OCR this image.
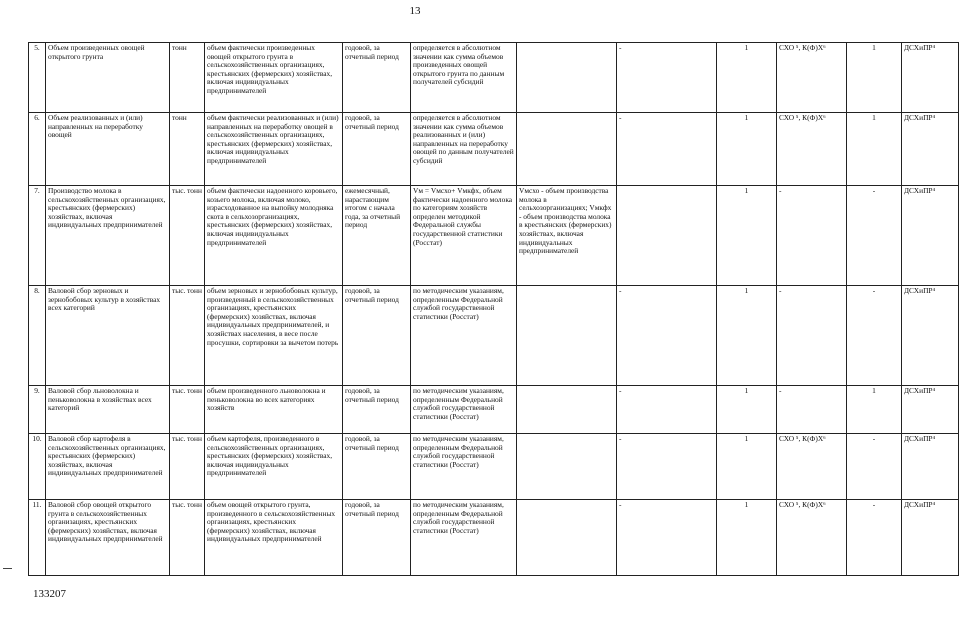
13
5.	Объем произведенных овощей открытого грунта	тонн	объем фактически произведенных овощей открытого грунта в сельскохозяйственных организациях, крестьянских (фермерских) хозяйствах, включая индивидуальных предпринимателей	годовой, за отчетный период	определяется в абсолютном значении как сумма объемов произведенных овощей открытого грунта по данным получателей субсидий		-	1	СХО ⁵, К(Ф)Х⁶	1	ДСХиПР⁴
6.	Объем реализованных и (или) направленных на переработку овощей	тонн	объем фактически реализованных и (или) направленных на переработку овощей в сельскохозяйственных организациях, крестьянских (фермерских) хозяйствах, включая индивидуальных предпринимателей	годовой, за отчетный период	определяется в абсолютном значении как сумма объемов реализованных и (или) направленных на переработку овощей по данным получателей субсидий		-	1	СХО ⁵, К(Ф)Х⁶	1	ДСХиПР⁴
7.	Производство молока в сельскохозяйственных организациях, крестьянских (фермерских) хозяйствах, включая индивидуальных предпринимателей	тыс. тонн	объем фактически надоенного коровьего, козьего молока, включая молоко, израсходованное на выпойку молодняка скота в сельхозорганизациях, крестьянских (фермерских) хозяйствах, включая индивидуальных предпринимателей	ежемесячный, нарастающим итогом с начала года, за отчетный период	Vм = Vмсхо+ Vмкфх, объем фактически надоенного молока по категориям хозяйств определен методикой Федеральной службы государственной статистики (Росстат)	Vмсхо - объем производства молока в сельхозорганизациях; Vмкфх - объем производства молока в крестьянских (фермерских) хозяйствах, включая индивидуальных предпринимателей		1	-	-	ДСХиПР⁴
8.	Валовой сбор зерновых и зернобобовых культур в хозяйствах всех категорий	тыс. тонн	объем зерновых и зернобобовых культур, произведенный в сельскохозяйственных организациях, крестьянских (фермерских) хозяйствах, включая индивидуальных предпринимателей, и хозяйствах населения, в весе после просушки, сортировки за вычетом потерь	годовой, за отчетный период	по методическим указаниям, определенным Федеральной службой государственной статистики (Росстат)		-	1	-	-	ДСХиПР⁴
9.	Валовой сбор льноволокна и пеньковолокна в хозяйствах всех категорий	тыс. тонн	объем произведенного льноволокна и пеньковолокна во всех категориях хозяйств	годовой, за отчетный период	по методическим указаниям, определенным Федеральной службой государственной статистики (Росстат)		-	1	-	1	ДСХиПР⁴
10.	Валовой сбор картофеля в сельскохозяйственных организациях, крестьянских (фермерских) хозяйствах, включая индивидуальных предпринимателей	тыс. тонн	объем картофеля, произведенного в сельскохозяйственных организациях, крестьянских (фермерских) хозяйствах, включая индивидуальных предпринимателей	годовой, за отчетный период	по методическим указаниям, определенным Федеральной службой государственной статистики (Росстат)		-	1	СХО ⁵, К(Ф)Х⁶	-	ДСХиПР⁴
11.	Валовой сбор овощей открытого грунта в сельскохозяйственных организациях, крестьянских (фермерских) хозяйствах, включая индивидуальных предпринимателей	тыс. тонн	объем овощей открытого грунта, произведенного в сельскохозяйственных организациях, крестьянских (фермерских) хозяйствах, включая индивидуальных предпринимателей	годовой, за отчетный период	по методическим указаниям, определенным Федеральной службой государственной статистики (Росстат)		-	1	СХО ⁵, К(Ф)Х⁶	-	ДСХиПР⁴
133207
